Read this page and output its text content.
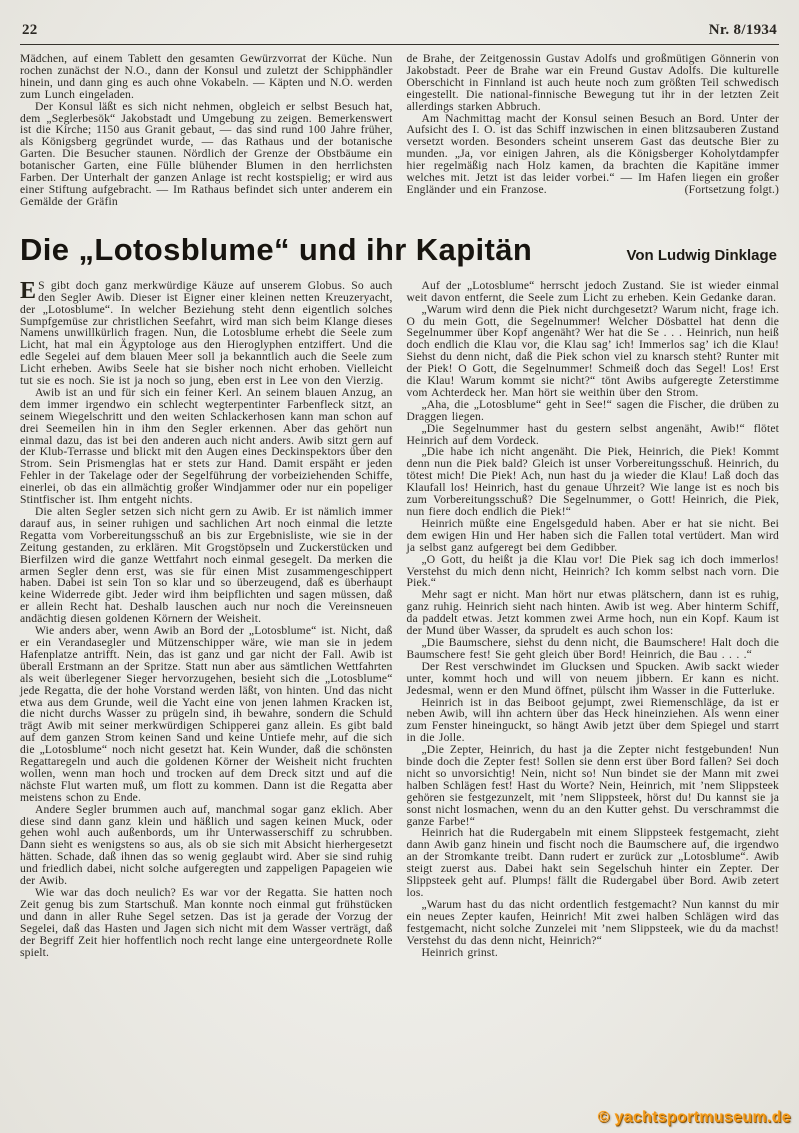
22	Nr. 8/1934

Mädchen, auf einem Tablett den gesamten Gewürzvorrat der Küche. Nun rochen zunächst der N.O., dann der Konsul und zuletzt der Schipphändler hinein, und dann ging es auch ohne Vokabeln. — Käpten und N.O. werden zum Lunch eingeladen.

Der Konsul läßt es sich nicht nehmen, obgleich er selbst Besuch hat, dem „Seglerbesök“ Jakobstadt und Umgebung zu zeigen. Bemerkenswert ist die Kirche; 1150 aus Granit gebaut, — das sind rund 100 Jahre früher, als Königsberg gegründet wurde, — das Rathaus und der botanische Garten. Die Besucher staunen. Nördlich der Grenze der Obstbäume ein botanischer Garten, eine Fülle blühender Blumen in den herrlichsten Farben. Der Unterhalt der ganzen Anlage ist recht kostspielig; er wird aus einer Stiftung aufgebracht. — Im Rathaus befindet sich unter anderem ein Gemälde der Gräfin

de Brahe, der Zeitgenossin Gustav Adolfs und großmütigen Gönnerin von Jakobstadt. Peer de Brahe war ein Freund Gustav Adolfs. Die kulturelle Oberschicht in Finnland ist auch heute noch zum größten Teil schwedisch eingestellt. Die national-finnische Bewegung tut ihr in der letzten Zeit allerdings starken Abbruch.

Am Nachmittag macht der Konsul seinen Besuch an Bord. Unter der Aufsicht des I. O. ist das Schiff inzwischen in einen blitzsauberen Zustand versetzt worden. Besonders scheint unserem Gast das deutsche Bier zu munden. „Ja, vor einigen Jahren, als die Königsberger Koholytdampfer hier regelmäßig nach Holz kamen, da brachten die Kapitäne immer welches mit. Jetzt ist das leider vorbei.“ — Im Hafen liegen ein großer Engländer und ein Franzose.	(Fortsetzung folgt.)

Die „Lotosblume“ und ihr Kapitän	Von Ludwig Dinklage

E S gibt doch ganz merkwürdige Käuze auf unserem Globus. So auch den Segler Awib. Dieser ist Eigner einer kleinen netten Kreuzeryacht, der „Lotosblume“. In welcher Beziehung steht denn eigentlich solches Sumpfgemüse zur christlichen Seefahrt, wird man sich beim Klange dieses Namens unwillkürlich fragen. Nun, die Lotosblume erhebt die Seele zum Licht, hat mal ein Ägyptologe aus den Hieroglyphen entziffert. Und die edle Segelei auf dem blauen Meer soll ja bekanntlich auch die Seele zum Licht erheben. Awibs Seele hat sie bisher noch nicht erhoben. Vielleicht tut sie es noch. Sie ist ja noch so jung, eben erst in Lee von den Vierzig.

Awib ist an und für sich ein feiner Kerl. An seinem blauen Anzug, an dem immer irgendwo ein schlecht wegterpentinter Farbenfleck sitzt, an seinem Wiegelschritt und den weiten Schlackerhosen kann man schon auf drei Seemeilen hin in ihm den Segler erkennen. Aber das gehört nun einmal dazu, das ist bei den anderen auch nicht anders. Awib sitzt gern auf der Klub-Terrasse und blickt mit den Augen eines Deckinspektors über den Strom. Sein Prismenglas hat er stets zur Hand. Damit erspäht er jeden Fehler in der Takelage oder der Segelführung der vorbeiziehenden Schiffe, einerlei, ob das ein allmächtig großer Windjammer oder nur ein popeliger Stintfischer ist. Ihm entgeht nichts.

Die alten Segler setzen sich nicht gern zu Awib. Er ist nämlich immer darauf aus, in seiner ruhigen und sachlichen Art noch einmal die letzte Regatta vom Vorbereitungsschuß an bis zur Ergebnisliste, wie sie in der Zeitung gestanden, zu erklären. Mit Grogstöpseln und Zuckerstücken und Bierfilzen wird die ganze Wettfahrt noch einmal gesegelt. Da merken die armen Segler denn erst, was sie für einen Mist zusammengeschippert haben. Dabei ist sein Ton so klar und so überzeugend, daß es überhaupt keine Widerrede gibt. Jeder wird ihm beipflichten und sagen müssen, daß er allein Recht hat. Deshalb lauschen auch nur noch die Vereinsneuen andächtig diesen goldenen Körnern der Weisheit.

Wie anders aber, wenn Awib an Bord der „Lotosblume“ ist. Nicht, daß er ein Verandasegler und Mützenschipper wäre, wie man sie in jedem Hafenplatze antrifft. Nein, das ist ganz und gar nicht der Fall. Awib ist überall Erstmann an der Spritze. Statt nun aber aus sämtlichen Wettfahrten als weit überlegener Sieger hervorzugehen, besieht sich die „Lotosblume“ jede Regatta, die der hohe Vorstand werden läßt, von hinten. Und das nicht etwa aus dem Grunde, weil die Yacht eine von jenen lahmen Kracken ist, die nicht durchs Wasser zu prügeln sind, ih bewahre, sondern die Schuld trägt Awib mit seiner merkwürdigen Schipperei ganz allein. Es gibt bald auf dem ganzen Strom keinen Sand und keine Untiefe mehr, auf die sich die „Lotosblume“ noch nicht gesetzt hat. Kein Wunder, daß die schönsten Regattaregeln und auch die goldenen Körner der Weisheit nicht fruchten wollen, wenn man hoch und trocken auf dem Dreck sitzt und auf die nächste Flut warten muß, um flott zu kommen. Dann ist die Regatta aber meistens schon zu Ende.

Andere Segler brummen auch auf, manchmal sogar ganz eklich. Aber diese sind dann ganz klein und häßlich und sagen keinen Muck, oder gehen wohl auch außenbords, um ihr Unterwasserschiff zu schrubben. Dann sieht es wenigstens so aus, als ob sie sich mit Absicht hierhergesetzt hätten. Schade, daß ihnen das so wenig geglaubt wird. Aber sie sind ruhig und friedlich dabei, nicht solche aufgeregten und zappeligen Papageien wie der Awib.

Wie war das doch neulich? Es war vor der Regatta. Sie hatten noch Zeit genug bis zum Startschuß. Man konnte noch einmal gut frühstücken und dann in aller Ruhe Segel setzen. Das ist ja gerade der Vorzug der Segelei, daß das Hasten und Jagen sich nicht mit dem Wasser verträgt, daß der Begriff Zeit hier hoffentlich noch recht lange eine untergeordnete Rolle spielt.

Auf der „Lotosblume“ herrscht jedoch Zustand. Sie ist wieder einmal weit davon entfernt, die Seele zum Licht zu erheben. Kein Gedanke daran.

„Warum wird denn die Piek nicht durchgesetzt? Warum nicht, frage ich. O du mein Gott, die Segelnummer! Welcher Dösbattel hat denn die Segelnummer über Kopf angenäht? Wer hat die Se . . . Heinrich, nun heiß doch endlich die Klau vor, die Klau sag’ ich! Immerlos sag’ ich die Klau! Siehst du denn nicht, daß die Piek schon viel zu knarsch steht? Runter mit der Piek! O Gott, die Segelnummer! Schmeiß doch das Segel! Los! Erst die Klau! Warum kommt sie nicht?“ tönt Awibs aufgeregte Zeterstimme vom Achterdeck her. Man hört sie weithin über den Strom.

„Aha, die „Lotosblume“ geht in See!“ sagen die Fischer, die drüben zu Draggen liegen.

„Die Segelnummer hast du gestern selbst angenäht, Awib!“ flötet Heinrich auf dem Vordeck.

„Die habe ich nicht angenäht. Die Piek, Heinrich, die Piek! Kommt denn nun die Piek bald? Gleich ist unser Vorbereitungsschuß. Heinrich, du tötest mich! Die Piek! Ach, nun hast du ja wieder die Klau! Laß doch das Klaufall los! Heinrich, hast du genaue Uhrzeit? Wie lange ist es noch bis zum Vorbereitungsschuß? Die Segelnummer, o Gott! Heinrich, die Piek, nun fiere doch endlich die Piek!“

Heinrich müßte eine Engelsgeduld haben. Aber er hat sie nicht. Bei dem ewigen Hin und Her haben sich die Fallen total vertüdert. Man wird ja selbst ganz aufgeregt bei dem Gedibber.

„O Gott, du heißt ja die Klau vor! Die Piek sag ich doch immerlos! Verstehst du mich denn nicht, Heinrich? Ich komm selbst nach vorn. Die Piek.“

Mehr sagt er nicht. Man hört nur etwas plätschern, dann ist es ruhig, ganz ruhig. Heinrich sieht nach hinten. Awib ist weg. Aber hinterm Schiff, da paddelt etwas. Jetzt kommen zwei Arme hoch, nun ein Kopf. Kaum ist der Mund über Wasser, da sprudelt es auch schon los:

„Die Baumschere, siehst du denn nicht, die Baumschere! Halt doch die Baumschere fest! Sie geht gleich über Bord! Heinrich, die Bau . . . .“

Der Rest verschwindet im Glucksen und Spucken. Awib sackt wieder unter, kommt hoch und will von neuem jibbern. Er kann es nicht. Jedesmal, wenn er den Mund öffnet, pülscht ihm Wasser in die Futterluke.

Heinrich ist in das Beiboot gejumpt, zwei Riemenschläge, da ist er neben Awib, will ihn achtern über das Heck hineinziehen. Als wenn einer zum Fenster hineinguckt, so hängt Awib jetzt über dem Spiegel und starrt in die Jolle.

„Die Zepter, Heinrich, du hast ja die Zepter nicht festgebunden! Nun binde doch die Zepter fest! Sollen sie denn erst über Bord fallen? Sei doch nicht so unvorsichtig! Nein, nicht so! Nun bindet sie der Mann mit zwei halben Schlägen fest! Hast du Worte? Nein, Heinrich, mit ’nem Slippsteek gehören sie festgezunzelt, mit ’nem Slippsteek, hörst du! Du kannst sie ja sonst nicht losmachen, wenn du an den Kutter gehst. Du verschrammst die ganze Farbe!“

Heinrich hat die Rudergabeln mit einem Slippsteek festgemacht, zieht dann Awib ganz hinein und fischt noch die Baumschere auf, die irgendwo an der Stromkante treibt. Dann rudert er zurück zur „Lotosblume“. Awib steigt zuerst aus. Dabei hakt sein Segelschuh hinter ein Zepter. Der Slippsteek geht auf. Plumps! fällt die Rudergabel über Bord. Awib zetert los.

„Warum hast du das nicht ordentlich festgemacht? Nun kannst du mir ein neues Zepter kaufen, Heinrich! Mit zwei halben Schlägen wird das festgemacht, nicht solche Zunzelei mit ’nem Slippsteek, wie du da machst! Verstehst du das denn nicht, Heinrich?“

Heinrich grinst.

© yachtsportmuseum.de
